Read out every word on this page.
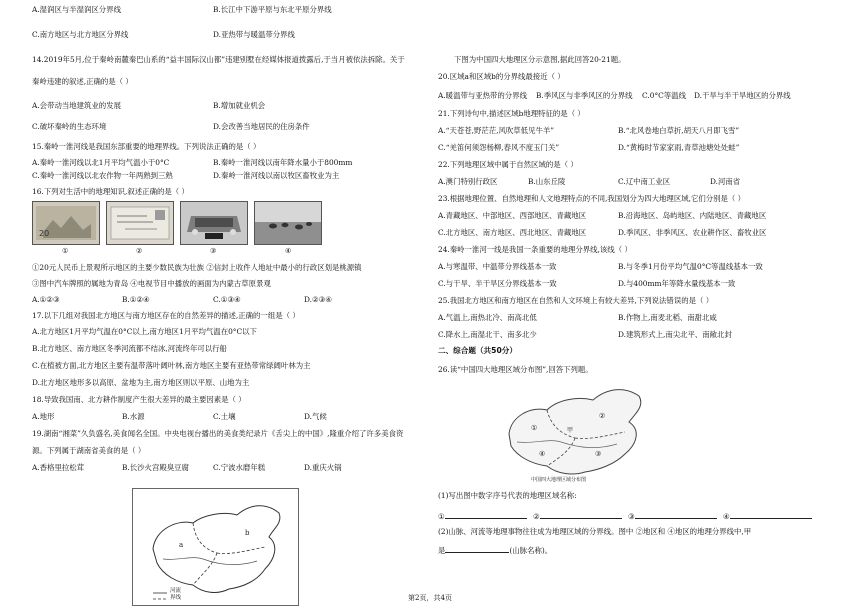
A.湿润区与半湿润区分界线	B.长江中下游平原与东北平原分界线
C.南方地区与北方地区分界线	D.亚热带与暖温带分界线
14.2019年5月,位于秦岭南麓秦巴山系的“益丰国际汉山都”违建别墅在经媒体报道拨露后,于当月被依法拆除。关于
秦岭违建的叙述,正确的是（ ）
A.会带动当地建筑业的发展	B.增加就业机会
C.破坏秦岭的生态环境	D.会改善当地居民的住房条件
15.秦岭一淮河线是我国东部重要的地理界线。下列说法正确的是（ ）
A.秦岭一淮河线以北1月平均气温小于0°C	B.秦岭一淮河线以南年降水量小于800mm
C.秦岭一淮河线以北农作物一年两熟到三熟	D.秦岭一淮河线以南以牧区畜牧业为主
16.下列对生活中的地理知识,叙述正确的是（ ）
20
①	②	③	④
①20元人民币上景观所示地区的主要少数民族为壮族 ②信封上收件人地址中最小的行政区划是桃源镇
③图中汽车牌照的属地为青岛 ④电视节目中播放的画面为内蒙古草原景观
A.①②③	B.①②④	C.①③④	D.②③④
17.以下几组对我国北方地区与南方地区存在的自然差异的描述,正确的一组是（ ）
A.北方地区1月平均气温在0°C以上,南方地区1月平均气温在0°C以下
B.北方地区、南方地区冬季河流都不结冰,河流终年可以行船
C.在植被方面,北方地区主要有温带落叶阔叶林,南方地区主要有亚热带常绿阔叶林为主
D.北方地区地形多以高原、盆地为主,南方地区则以平原、山地为主
18.导致我国南、北方耕作制度产生很大差异的最主要因素是（ ）
A.地形	B.水源	C.土壤	D.气候
19.湖南“湘菜”久负盛名,美食闻名全国。中央电视台播出的美食类纪录片《舌尖上的中国》,隆重介绍了许多美食资
源。下列属于湖南省美食的是（ ）
A.香格里拉松茸	B.长沙火宫殿臭豆腐	C.宁波水磨年糕	D.重庆火锅
a
b
河流
界线
下图为中国四大地理区分示意图,据此回答20-21题。
20.区域a和区域b的分界线最接近（ ）
A.暖温带与亚热带的分界线 B.季风区与非季风区的分界线 C.0°C等温线 D.干旱与半干旱地区的分界线
21.下列诗句中,描述区域b地理特征的是（ ）
A.“天苍苍,野茫茫,风吹草低见牛羊”	B.“北风卷地白草折,胡天八月即飞雪”
C.“羌笛何须怨杨柳,春风不度玉门关”	D.“黄梅时节家家雨,青草池塘处处蛙”
22.下列地理区域中属于自然区域的是（ ）
A.澳门特别行政区	B.山东丘陵	C.辽中南工业区	D.河南省
23.根据地理位置、自然地理和人文地理特点的不同,我国划分为四大地理区域,它们分别是（ ）
A.青藏地区、中部地区、西部地区、青藏地区	B.沿海地区、岛屿地区、内陆地区、青藏地区
C.北方地区、南方地区、西北地区、青藏地区	D.季风区、非季风区、农业耕作区、畜牧业区
24.秦岭一淮河一线是我国一条重要的地理分界线,该线（ ）
A.与寒温带、中温带分界线基本一致	B.与冬季1月份平均气温0°C等温线基本一致
C.与干旱、半干旱区分界线基本一致	D.与400mm年等降水量线基本一致
25.我国北方地区和南方地区在自然和人文环境上有较大差异,下列说法错误的是（ ）
A.气温上,南热北冷、南高北低	B.作物上,南麦北稻、南甜北咸
C.降水上,南湿北干、南多北少	D.建筑形式上,南尖北平、南敞北封
二、综合题（共50分）
26.读“中国四大地理区域分布图”,回答下列题。
①
②
③
④
甲
中国四大地理区域分布图
(1)写出图中数字序号代表的地理区域名称:
①	②	③	④
(2)山脉、河流等地理事物往往成为地理区域的分界线。图中 ②地区和 ④地区的地理分界线中,甲
是	(山脉名称)。
第2页，共4页
